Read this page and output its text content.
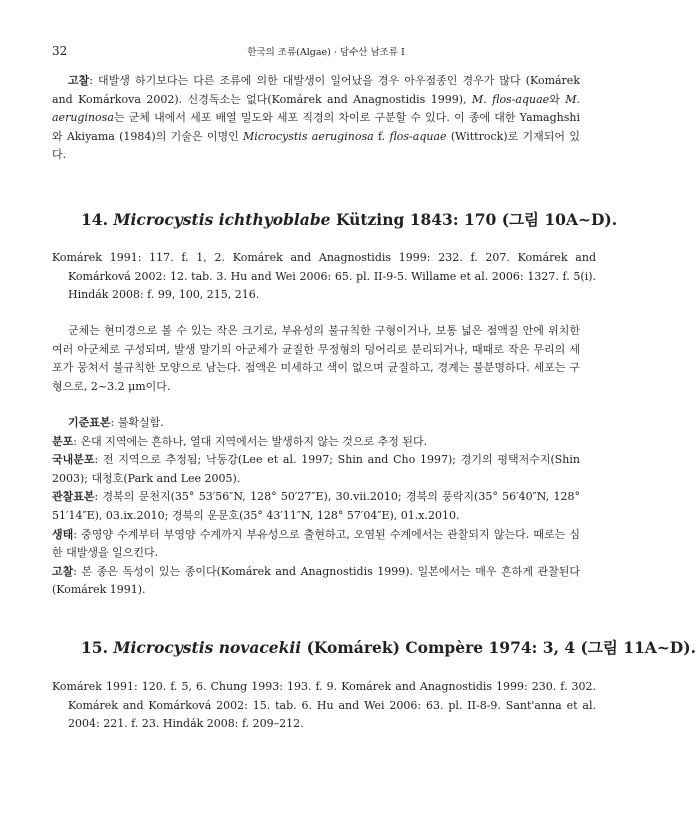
32	한국의 조류(Algae) · 담수산 남조류 I

고찰: 대발생 하기보다는 다른 조류에 의한 대발생이 일어났을 경우 아우점종인 경우가 많다 (Komárek and Komárkova 2002). 신경독소는 없다(Komárek and Anagnostidis 1999), M. flos-aquae와 M. aeruginosa는 군체 내에서 세포 배열 밀도와 세포 직경의 차이로 구분할 수 있다. 이 종에 대한 Yamaghshi와 Akiyama (1984)의 기술은 이명인 Microcystis aeruginosa f. flos-aquae (Wittrock)로 기재되어 있다.

14. Microcystis ichthyoblabe Kützing 1843: 170 (그림 10A~D).

Komárek 1991: 117. f. 1, 2. Komárek and Anagnostidis 1999: 232. f. 207. Komárek and Komárková 2002: 12. tab. 3. Hu and Wei 2006: 65. pl. II-9-5. Willame et al. 2006: 1327. f. 5(i). Hindák 2008: f. 99, 100, 215, 216.

군체는 현미경으로 볼 수 있는 작은 크기로, 부유성의 불규칙한 구형이거나, 보통 넓은 점액질 안에 위치한 여러 아군체로 구성되며, 발생 말기의 아군체가 균질한 무정형의 덩어리로 분리되거나, 때때로 작은 무리의 세포가 뭉쳐서 불규칙한 모양으로 남는다. 점액은 미세하고 색이 없으며 균질하고, 경계는 불분명하다. 세포는 구형으로, 2~3.2 μm이다.

기준표본: 불확실함.
분포: 온대 지역에는 흔하나, 열대 지역에서는 발생하지 않는 것으로 추정 된다.
국내분포: 전 지역으로 추정됨; 낙동강(Lee et al. 1997; Shin and Cho 1997); 경기의 평택저수지(Shin 2003); 대청호(Park and Lee 2005).
관찰표본: 경북의 문천지(35° 53′56″N, 128° 50′27″E), 30.vii.2010; 경북의 풍락지(35° 56′40″N, 128° 51′14″E), 03.ix.2010; 경북의 운문호(35° 43′11″N, 128° 57′04″E), 01.x.2010.
생태: 중영양 수계부터 부영양 수계까지 부유성으로 출현하고, 오염된 수계에서는 관찰되지 않는다. 때로는 심한 대발생을 일으킨다.
고찰: 본 종은 독성이 있는 종이다(Komárek and Anagnostidis 1999). 일본에서는 매우 흔하게 관찰된다(Komárek 1991).

15. Microcystis novacekii (Komárek) Compère 1974: 3, 4 (그림 11A~D).

Komárek 1991: 120. f. 5, 6. Chung 1993: 193. f. 9. Komárek and Anagnostidis 1999: 230. f. 302. Komárek and Komárková 2002: 15. tab. 6. Hu and Wei 2006: 63. pl. II-8-9. Sant'anna et al. 2004: 221. f. 23. Hindák 2008: f. 209–212.
